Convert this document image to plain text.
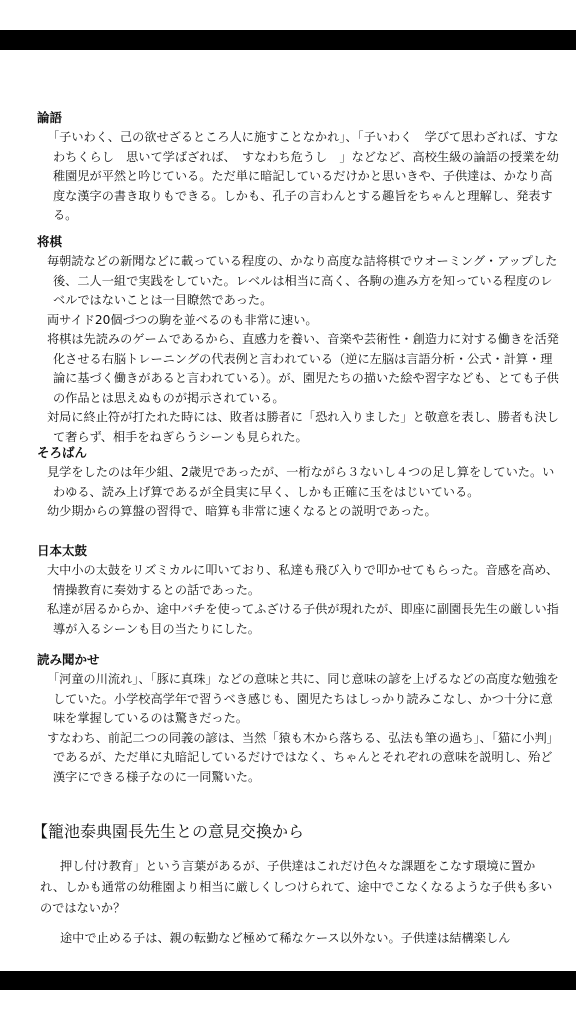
論語

「子いわく、己の欲せざるところ人に施すことなかれ」、「子いわく　学びて思わざれば、すなわちくらし　思いて学ばざれば、　すなわち危うし　」などなど、高校生級の論語の授業を幼稚園児が平然と吟じている。ただ単に暗記しているだけかと思いきや、子供達は、かなり高度な漢字の書き取りもできる。しかも、孔子の言わんとする趣旨をちゃんと理解し、発表する。

将棋

毎朝読などの新聞などに載っている程度の、かなり高度な詰将棋でウオーミング・アップした後、二人一組で実践をしていた。レベルは相当に高く、各駒の進み方を知っている程度のレベルではないことは一目瞭然であった。

両サイド20個づつの駒を並べるのも非常に速い。

将棋は先読みのゲームであるから、直感力を養い、音楽や芸術性・創造力に対する働きを活発化させる右脳トレーニングの代表例と言われている（逆に左脳は言語分析・公式・計算・理論に基づく働きがあると言われている）。が、園児たちの描いた絵や習字なども、とても子供の作品とは思えぬものが掲示されている。

対局に終止符が打たれた時には、敗者は勝者に「恐れ入りました」と敬意を表し、勝者も決して奢らず、相手をねぎらうシーンも見られた。

そろばん

見学をしたのは年少組、2歳児であったが、一桁ながら３ないし４つの足し算をしていた。いわゆる、読み上げ算であるが全員実に早く、しかも正確に玉をはじいている。

幼少期からの算盤の習得で、暗算も非常に速くなるとの説明であった。

日本太鼓

大中小の太鼓をリズミカルに叩いており、私達も飛び入りで叩かせてもらった。音感を高め、情操教育に奏効するとの話であった。

私達が居るからか、途中バチを使ってふざける子供が現れたが、即座に副園長先生の厳しい指導が入るシーンも目の当たりにした。

読み聞かせ

「河童の川流れ」、「豚に真珠」などの意味と共に、同じ意味の諺を上げるなどの高度な勉強をしていた。小学校高学年で習うべき感じも、園児たちはしっかり読みこなし、かつ十分に意味を掌握しているのは驚きだった。

すなわち、前記二つの同義の諺は、当然「猿も木から落ちる、弘法も筆の過ち」、「猫に小判」であるが、ただ単に丸暗記しているだけではなく、ちゃんとそれぞれの意味を説明し、殆ど漢字にできる様子なのに一同驚いた。

【籠池泰典園長先生との意見交換から

押し付け教育」という言葉があるが、子供達はこれだけ色々な課題をこなす環境に置かれ、しかも通常の幼稚園より相当に厳しくしつけられて、途中でこなくなるような子供も多いのではないか？

途中で止める子は、親の転勤など極めて稀なケース以外ない。子供達は結構楽しん
